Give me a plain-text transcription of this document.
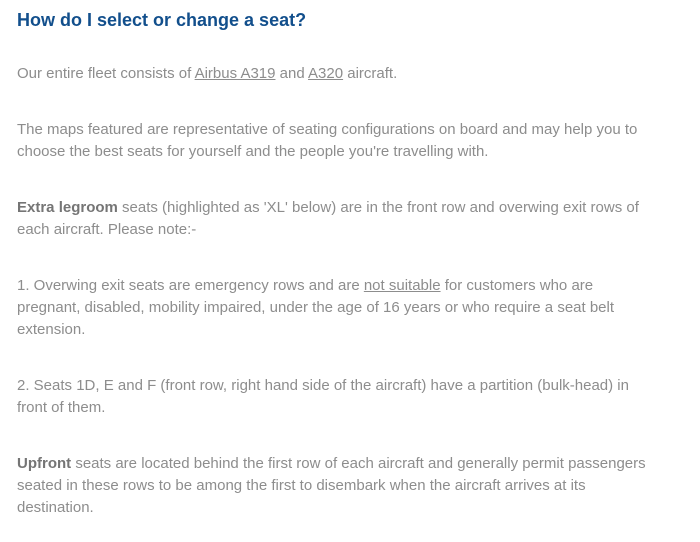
How do I select or change a seat?

Our entire fleet consists of Airbus A319 and A320 aircraft.

The maps featured are representative of seating configurations on board and may help you to
choose the best seats for yourself and the people you're travelling with.

Extra legroom seats (highlighted as 'XL' below) are in the front row and overwing exit rows of
each aircraft. Please note:-

1. Overwing exit seats are emergency rows and are not suitable for customers who are
pregnant, disabled, mobility impaired, under the age of 16 years or who require a seat belt
extension.

2. Seats 1D, E and F (front row, right hand side of the aircraft) have a partition (bulk-head) in
front of them.

Upfront seats are located behind the first row of each aircraft and generally permit passengers
seated in these rows to be among the first to disembark when the aircraft arrives at its
destination.
